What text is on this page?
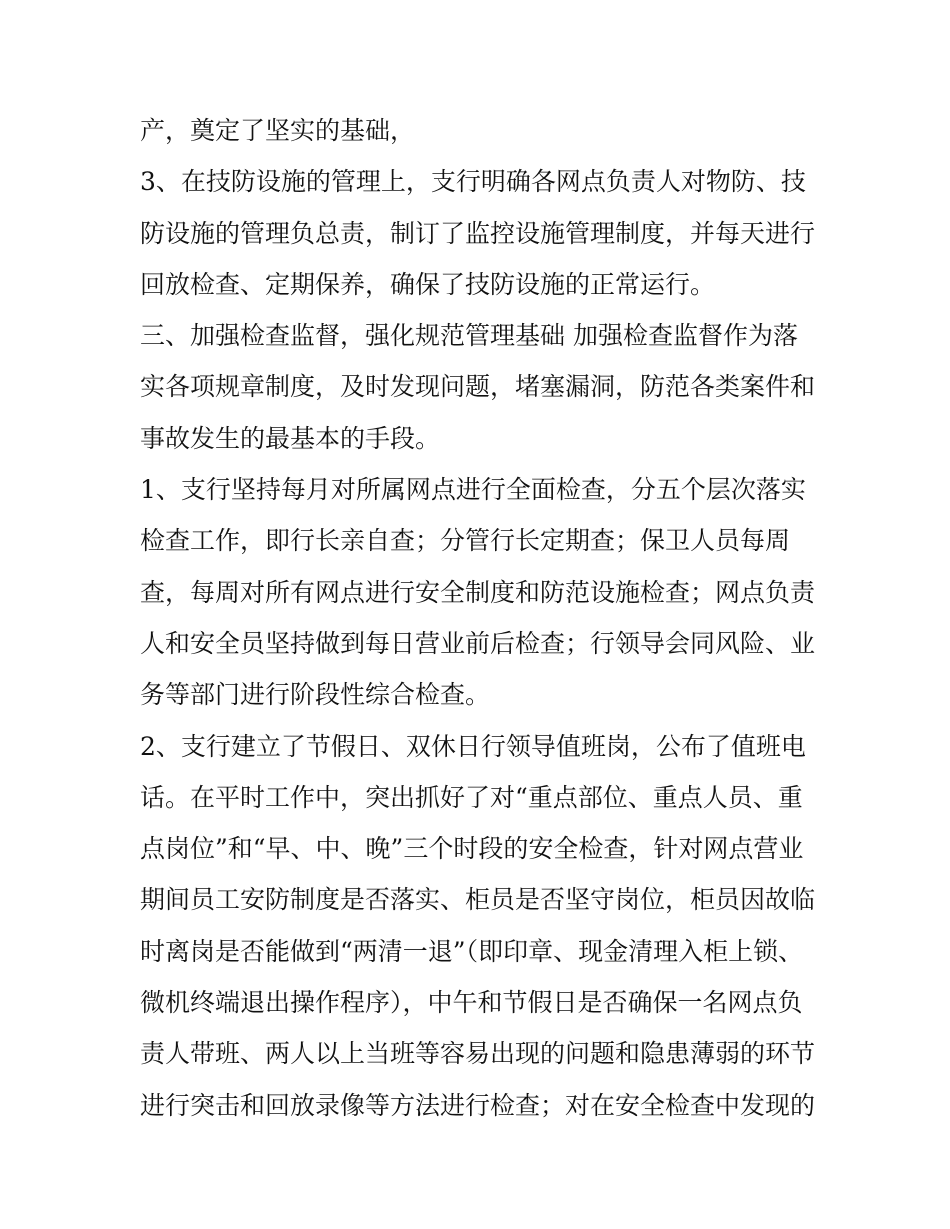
产，奠定了坚实的基础，
3、在技防设施的管理上，支行明确各网点负责人对物防、技
防设施的管理负总责，制订了监控设施管理制度，并每天进行
回放检查、定期保养，确保了技防设施的正常运行。
三、加强检查监督，强化规范管理基础 加强检查监督作为落
实各项规章制度，及时发现问题，堵塞漏洞，防范各类案件和
事故发生的最基本的手段。
1、支行坚持每月对所属网点进行全面检查，分五个层次落实
检查工作，即行长亲自查；分管行长定期查；保卫人员每周
查，每周对所有网点进行安全制度和防范设施检查；网点负责
人和安全员坚持做到每日营业前后检查；行领导会同风险、业
务等部门进行阶段性综合检查。
2、支行建立了节假日、双休日行领导值班岗，公布了值班电
话。在平时工作中，突出抓好了对“重点部位、重点人员、重
点岗位”和“早、中、晚”三个时段的安全检查，针对网点营业
期间员工安防制度是否落实、柜员是否坚守岗位，柜员因故临
时离岗是否能做到“两清一退”（即印章、现金清理入柜上锁、
微机终端退出操作程序），中午和节假日是否确保一名网点负
责人带班、两人以上当班等容易出现的问题和隐患薄弱的环节
进行突击和回放录像等方法进行检查；对在安全检查中发现的
